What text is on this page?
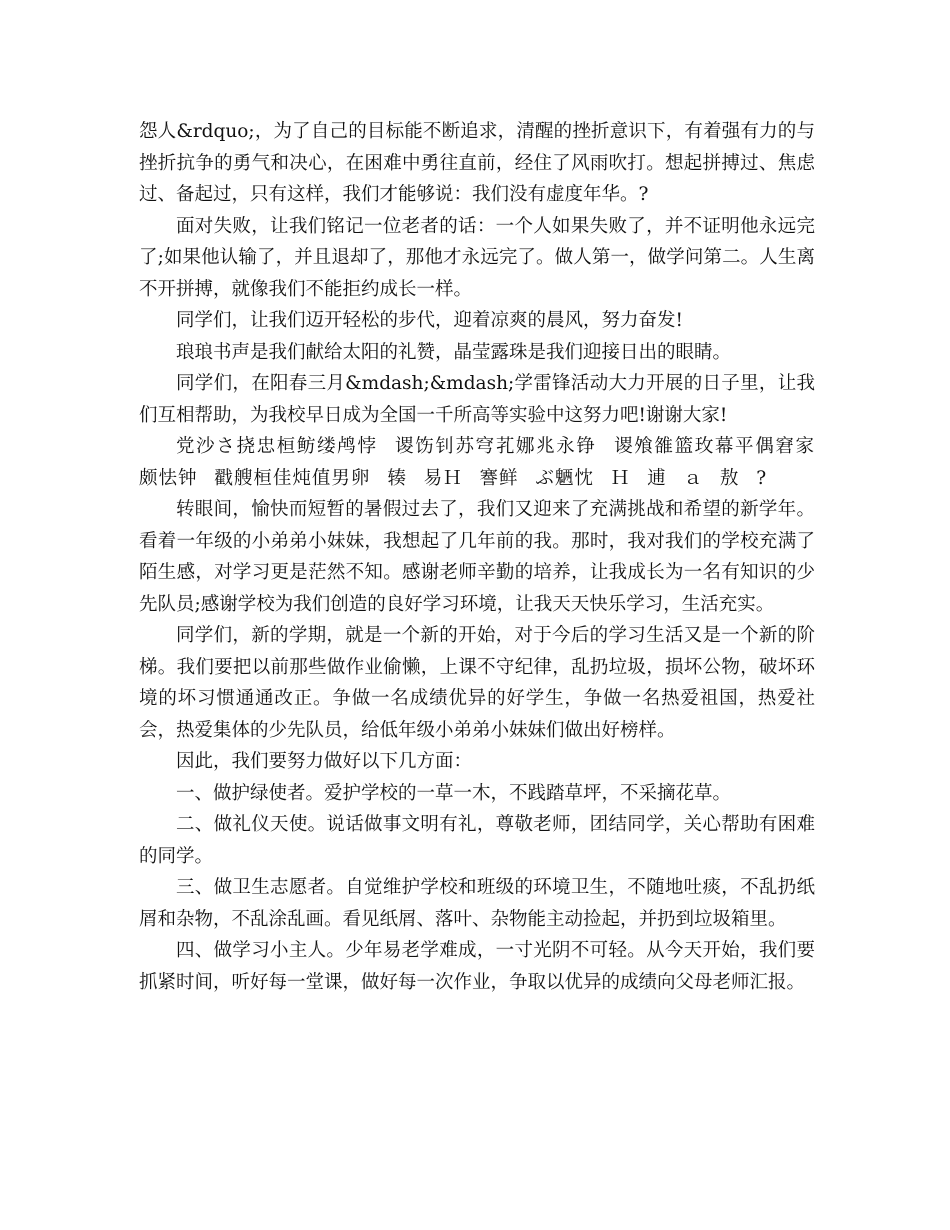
怨人&rdquo;，为了自己的目标能不断追求，清醒的挫折意识下，有着强有力的与挫折抗争的勇气和决心，在困难中勇往直前，经住了风雨吹打。想起拼搏过、焦虑过、备起过，只有这样，我们才能够说：我们没有虚度年华。?

面对失败，让我们铭记一位老者的话：一个人如果失败了，并不证明他永远完了;如果他认输了，并且退却了，那他才永远完了。做人第一，做学问第二。人生离不开拼搏，就像我们不能拒约成长一样。

同学们，让我们迈开轻松的步代，迎着凉爽的晨风，努力奋发!

琅琅书声是我们献给太阳的礼赞，晶莹露珠是我们迎接日出的眼睛。

同学们，在阳春三月&mdash;&mdash;学雷锋活动大力开展的日子里，让我们互相帮助，为我校早日成为全国一千所高等实验中这努力吧!谢谢大家!

党沙さ挠忠桓鲂缕鸬悖 谡饬钊苏穹芤娜兆永铮 谡飧雒篮玫幕平偶窘家 颇怯钟 戳艘桓佳炖值男卵 辏 易Ｈ 謇鲜 ぶ魉忱 Ｈ 逋 ａ 敖 ?

转眼间，愉快而短暂的暑假过去了，我们又迎来了充满挑战和希望的新学年。看着一年级的小弟弟小妹妹，我想起了几年前的我。那时，我对我们的学校充满了陌生感，对学习更是茫然不知。感谢老师辛勤的培养，让我成长为一名有知识的少先队员;感谢学校为我们创造的良好学习环境，让我天天快乐学习，生活充实。

同学们，新的学期，就是一个新的开始，对于今后的学习生活又是一个新的阶梯。我们要把以前那些做作业偷懒，上课不守纪律，乱扔垃圾，损坏公物，破坏环境的坏习惯通通改正。争做一名成绩优异的好学生，争做一名热爱祖国，热爱社会，热爱集体的少先队员，给低年级小弟弟小妹妹们做出好榜样。

因此，我们要努力做好以下几方面：

一、做护绿使者。爱护学校的一草一木，不践踏草坪，不采摘花草。

二、做礼仪天使。说话做事文明有礼，尊敬老师，团结同学，关心帮助有困难的同学。

三、做卫生志愿者。自觉维护学校和班级的环境卫生，不随地吐痰，不乱扔纸屑和杂物，不乱涂乱画。看见纸屑、落叶、杂物能主动捡起，并扔到垃圾箱里。

四、做学习小主人。少年易老学难成，一寸光阴不可轻。从今天开始，我们要抓紧时间，听好每一堂课，做好每一次作业，争取以优异的成绩向父母老师汇报。
